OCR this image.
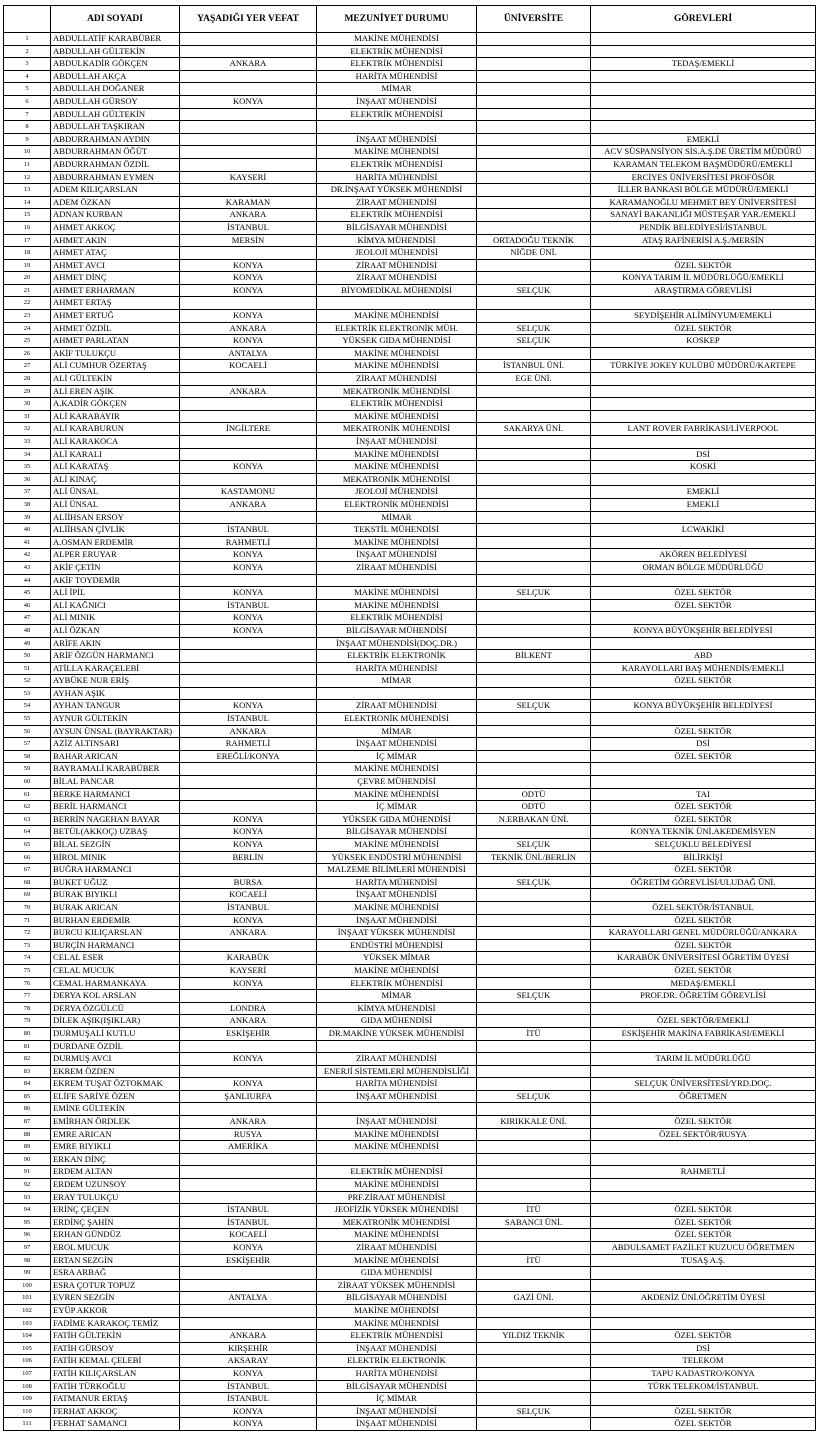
	ADI SOYADI	YAŞADIĞI YER VEFAT	MEZUNİYET DURUMU	ÜNİVERSİTE	GÖREVLERİ
1	ABDULLATİF KARABÜBER		MAKİNE MÜHENDİSİ		
2	ABDULLAH GÜLTEKİN		ELEKTRİK MÜHENDİSİ		
3	ABDULKADİR GÖKÇEN	ANKARA	ELEKTRİK MÜHENDİSİ		TEDAŞ/EMEKLİ
4	ABDULLAH AKÇA		HARİTA MÜHENDİSİ		
5	ABDULLAH DOĞANER		MİMAR		
6	ABDULLAH GÜRSOY	KONYA	İNŞAAT MÜHENDİSİ		
7	ABDULLAH GÜLTEKİN		ELEKTRİK MÜHENDİSİ		
8	ABDULLAH TAŞKIRAN				
9	ABDURRAHMAN AYDIN		İNŞAAT MÜHENDİSİ		EMEKLİ
10	ABDURRAHMAN ÖĞÜT		MAKİNE MÜHENDİSİ		ACV SÜSPANSİYON SİS.A.Ş.DE ÜRETİM MÜDÜRÜ
11	ABDURRAHMAN ÖZDİL		ELEKTRİK MÜHENDİSİ		KARAMAN TELEKOM BAŞMÜDÜRÜ/EMEKLİ
12	ABDURRAHMAN EYMEN	KAYSERİ	HARİTA MÜHENDİSİ		ERCİYES ÜNİVERSİTESİ PROFÖSÖR
13	ADEM KILIÇARSLAN		DR.İNŞAAT YÜKSEK MÜHENDİSİ		İLLER BANKASI BÖLGE MÜDÜRÜ/EMEKLİ
14	ADEM ÖZKAN	KARAMAN	ZİRAAT MÜHENDİSİ		KARAMANOĞLU MEHMET BEY ÜNİVERSİTESİ
15	ADNAN KURBAN	ANKARA	ELEKTRİK MÜHENDİSİ		SANAYİ BAKANLIĞI MÜSTEŞAR YAR./EMEKLİ
16	AHMET AKKOÇ	İSTANBUL	BİLGİSAYAR MÜHENDİSİ		PENDİK BELEDİYESİ/İSTANBUL
17	AHMET AKIN	MERSİN	KİMYA MÜHENDİSİ	ORTADOĞU TEKNİK	ATAŞ RAFİNERİSİ A.Ş./MERSİN
18	AHMET ATAÇ		JEOLOJİ MÜHENDİSİ	NİĞDE ÜNİ.	
19	AHMET AVCI	KONYA	ZİRAAT MÜHENDİSİ		ÖZEL SEKTÖR
20	AHMET DİNÇ	KONYA	ZİRAAT MÜHENDİSİ		KONYA TARIM İL MÜDÜRLÜĞÜ/EMEKLİ
21	AHMET ERHARMAN	KONYA	BİYOMEDİKAL MÜHENDİSİ	SELÇUK	ARAŞTIRMA GÖREVLİSİ
22	AHMET ERTAŞ				
23	AHMET ERTUĞ	KONYA	MAKİNE MÜHENDİSİ		SEYDİŞEHİR ALİMİNYUM/EMEKLİ
24	AHMET ÖZDİL	ANKARA	ELEKTRİK ELEKTRONİK MÜH.	SELÇUK	ÖZEL SEKTÖR
25	AHMET PARLATAN	KONYA	YÜKSEK GIDA MÜHENDİSİ	SELÇUK	KOSKEP
26	AKİF TULUKÇU	ANTALYA	MAKİNE MÜHENDİSİ		
27	ALİ CUMHUR ÖZERTAŞ	KOCAELİ	MAKİNE MÜHENDİSİ	İSTANBUL ÜNİ.	TÜRKİYE JOKEY KULÜBÜ MÜDÜRÜ/KARTEPE
28	ALİ GÜLTEKİN		ZİRAAT MÜHENDİSİ	EGE ÜNİ.	
29	ALİ EREN AŞIK	ANKARA	MEKATRONİK MÜHENDİSİ		
30	A.KADİR GÖKÇEN		ELEKTRİK MÜHENDİSİ		
31	ALİ KARABAYIR		MAKİNE MÜHENDİSİ		
32	ALİ KARABURUN	İNGİLTERE	MEKATRONİK MÜHENDİSİ	SAKARYA ÜNİ.	LANT ROVER FABRİKASI/LİVERPOOL
33	ALİ KARAKOCA		İNŞAAT MÜHENDİSİ		
34	ALİ KARALI		MAKİNE MÜHENDİSİ		DSİ
35	ALİ KARATAŞ	KONYA	MAKİNE MÜHENDİSİ		KOSKİ
36	ALİ KINAÇ		MEKATRONİK MÜHENDİSİ		
37	ALİ ÜNSAL	KASTAMONU	JEOLOJİ MÜHENDİSİ		EMEKLİ
38	ALİ ÜNSAL	ANKARA	ELEKTRONİK MÜHENDİSİ		EMEKLİ
39	ALİİHSAN ERSOY		MİMAR		
40	ALİİHSAN ÇİVLİK	İSTANBUL	TEKSTİL MÜHENDİSİ		LCWAKİKİ
41	A.OSMAN ERDEMİR	RAHMETLİ	MAKİNE MÜHENDİSİ		
42	ALPER ERUYAR	KONYA	İNŞAAT MÜHENDİSİ		AKÖREN BELEDİYESİ
43	AKİF ÇETİN	KONYA	ZİRAAT MÜHENDİSİ		ORMAN BÖLGE MÜDÜRLÜĞÜ
44	AKİF TOYDEMİR				
45	ALİ İPİL	KONYA	MAKİNE MÜHENDİSİ	SELÇUK	ÖZEL SEKTÖR
46	ALİ KAĞNICI	İSTANBUL	MAKİNE MÜHENDİSİ		ÖZEL SEKTÖR
47	ALİ MINIK	KONYA	ELEKTRİK MÜHENDİSİ		
48	ALİ ÖZKAN	KONYA	BİLGİSAYAR MÜHENDİSİ		KONYA BÜYÜKŞEHİR BELEDİYESİ
49	ARİFE AKIN		İNŞAAT MÜHENDİSİ(DOÇ.DR.)		
50	ARİF ÖZGÜN HARMANCI		ELEKTRİK ELEKTRONİK	BİLKENT	ABD
51	ATİLLA KARAÇELEBİ		HARİTA MÜHENDİSİ		KARAYOLLARI BAŞ MÜHENDİS/EMEKLİ
52	AYBÜKE NUR ERİŞ		MİMAR		ÖZEL SEKTÖR
53	AYHAN AŞIK				
54	AYHAN TANGUR	KONYA	ZİRAAT MÜHENDİSİ	SELÇUK	KONYA BÜYÜKŞEHİR BELEDİYESİ
55	AYNUR GÜLTEKİN	İSTANBUL	ELEKTRONİK MÜHENDİSİ		
56	AYSUN ÜNSAL (BAYRAKTAR)	ANKARA	MİMAR		ÖZEL SEKTÖR
57	AZİZ ALTINSARI	RAHMETLİ	İNŞAAT MÜHENDİSİ		DSİ
58	BAHAR ARICAN	EREĞLİ/KONYA	İÇ MİMAR		ÖZEL SEKTÖR
59	BAYRAMALİ KARABÜBER		MAKİNE MÜHENDİSİ		
60	BİLAL PANCAR		ÇEVRE MÜHENDİSİ		
61	BERKE HARMANCI		MAKİNE MÜHENDİSİ	ODTÜ	TAI
62	BERİL HARMANCI		İÇ MİMAR	ODTÜ	ÖZEL SEKTÖR
63	BERRİN NAGEHAN BAYAR	KONYA	YÜKSEK GIDA MÜHENDİSİ	N.ERBAKAN ÜNİ.	ÖZEL SEKTÖR
64	BETÜL(AKKOÇ) UZBAŞ	KONYA	BİLGİSAYAR MÜHENDİSİ		KONYA TEKNİK ÜNİ.AKEDEMİSYEN
65	BİLAL SEZGİN	KONYA	MAKİNE MÜHENDİSİ	SELÇUK	SELÇUKLU BELEDİYESİ
66	BİROL MINIK	BERLİN	YÜKSEK ENDÜSTRİ MÜHENDİSİ	TEKNİK ÜNİ./BERLİN	BİLİRKİŞİ
67	BUĞRA HARMANCI		MALZEME BİLİMLERİ MÜHENDİSİ		ÖZEL SEKTÖR
68	BUKET UĞUZ	BURSA	HARİTA MÜHENDİSİ	SELÇUK	ÖĞRETİM GÖREVLİSİ/ULUDAĞ ÜNİ.
69	BURAK BIYIKLI	KOCAELİ	İNŞAAT MÜHENDİSİ		
70	BURAK ARICAN	İSTANBUL	MAKİNE MÜHENDİSİ		ÖZEL SEKTÖR/İSTANBUL
71	BURHAN ERDEMİR	KONYA	İNŞAAT MÜHENDİSİ		ÖZEL SEKTÖR
72	BURCU KILIÇARSLAN	ANKARA	İNŞAAT YÜKSEK MÜHENDİSİ		KARAYOLLARI GENEL MÜDÜRLÜĞÜ/ANKARA
73	BURÇİN HARMANCI		ENDÜSTRİ MÜHENDİSİ		ÖZEL SEKTÖR
74	CELAL ESER	KARABÜK	YÜKSEK MİMAR		KARABÜK ÜNİVERSİTESİ ÖĞRETİM ÜYESİ
75	CELAL MUCUK	KAYSERİ	MAKİNE MÜHENDİSİ		ÖZEL SEKTÖR
76	CEMAL HARMANKAYA	KONYA	ELEKTRİK MÜHENDİSİ		MEDAŞ/EMEKLİ
77	DERYA KOL ARSLAN		MİMAR	SELÇUK	PROF.DR. ÖĞRETİM GÖREVLİSİ
78	DERYA ÖZGÜLCÜ	LONDRA	KİMYA MÜHENDİSİ		
79	DİLEK AŞIK(IŞIKLAR)	ANKARA	GIDA MÜHENDİSİ		ÖZEL SEKTÖR/EMEKLİ
80	DURMUŞALİ KUTLU	ESKİŞEHİR	DR.MAKİNE YÜKSEK MÜHENDİSİ	İTÜ	ESKİŞEHİR MAKİNA FABRİKASI/EMEKLİ
81	DURDANE ÖZDİL				
82	DURMUŞ AVCI	KONYA	ZİRAAT MÜHENDİSİ		TARIM İL MÜDÜRLÜĞÜ
83	EKREM ÖZDEN		ENERJİ SİSTEMLERİ MÜHENDİSLİĞİ		
84	EKREM TUŞAT ÖZTOKMAK	KONYA	HARİTA MÜHENDİSİ		SELÇUK ÜNİVERSİTESİ/YRD.DOÇ.
85	ELİFE SARİYE ÖZEN	ŞANLIURFA	İNŞAAT MÜHENDİSİ	SELÇUK	ÖĞRETMEN
86	EMİNE GÜLTEKİN				
87	EMİRHAN ÖRDLEK	ANKARA	İNŞAAT MÜHENDİSİ	KIRIKKALE ÜNİ.	ÖZEL SEKTÖR
88	EMRE ARICAN	RUSYA	MAKİNE MÜHENDİSİ		ÖZEL SEKTÖR/RUSYA
89	EMRE BIYIKLI	AMERİKA	MAKİNE MÜHENDİSİ		
90	ERKAN DİNÇ				
91	ERDEM ALTAN		ELEKTRİK MÜHENDİSİ		RAHMETLİ
92	ERDEM UZUNSOY		MAKİNE MÜHENDİSİ		
93	ERAY TULUKÇU		PRF.ZİRAAT MÜHENDİSİ		
94	ERİNÇ ÇEÇEN	İSTANBUL	JEOFİZİK YÜKSEK MÜHENDİSİ	İTÜ	ÖZEL SEKTÖR
95	ERDİNÇ ŞAHİN	İSTANBUL	MEKATRONİK MÜHENDİSİ	SABANCI ÜNİ.	ÖZEL SEKTÖR
96	ERHAN GÜNDÜZ	KOCAELİ	MAKİNE MÜHENDİSİ		ÖZEL SEKTÖR
97	EROL MUCUK	KONYA	ZİRAAT MÜHENDİSİ		ABDULSAMET FAZİLET KUZUCU ÖĞRETMEN
98	ERTAN SEZGİN	ESKİŞEHİR	MAKİNE MÜHENDİSİ	İTÜ	TUSAŞ A.Ş.
99	ESRA ARBAĞ		GIDA MÜHENDİSİ		
100	ESRA ÇOTUR TOPUZ		ZİRAAT YÜKSEK MÜHENDİSİ		
101	EVREN SEZGİN	ANTALYA	BİLGİSAYAR MÜHENDİSİ	GAZİ ÜNİ.	AKDENİZ ÜNİ.ÖĞRETİM ÜYESİ
102	EYÜP AKKOR		MAKİNE MÜHENDİSİ		
103	FADİME KARAKOÇ TEMİZ		MAKİNE MÜHENDİSİ		
104	FATİH GÜLTEKİN	ANKARA	ELEKTRİK MÜHENDİSİ	YILDIZ TEKNİK	ÖZEL SEKTÖR
105	FATİH GÜRSOY	KIRŞEHİR	İNŞAAT MÜHENDİSİ		DSİ
106	FATİH KEMAL ÇELEBİ	AKSARAY	ELEKTRİK ELEKTRONİK		TELEKOM
107	FATİH KILIÇARSLAN	KONYA	HARİTA MÜHENDİSİ		TAPU KADASTRO/KONYA
108	FATİH TÜRKOĞLU	İSTANBUL	BİLGİSAYAR MÜHENDİSİ		TÜRK TELEKOM/İSTANBUL
109	FATMANUR ERTAŞ	İSTANBUL	İÇ MİMAR		
110	FERHAT AKKOÇ	KONYA	İNŞAAT MÜHENDİSİ	SELÇUK	ÖZEL SEKTÖR
111	FERHAT SAMANCI	KONYA	İNŞAAT MÜHENDİSİ		ÖZEL SEKTÖR
